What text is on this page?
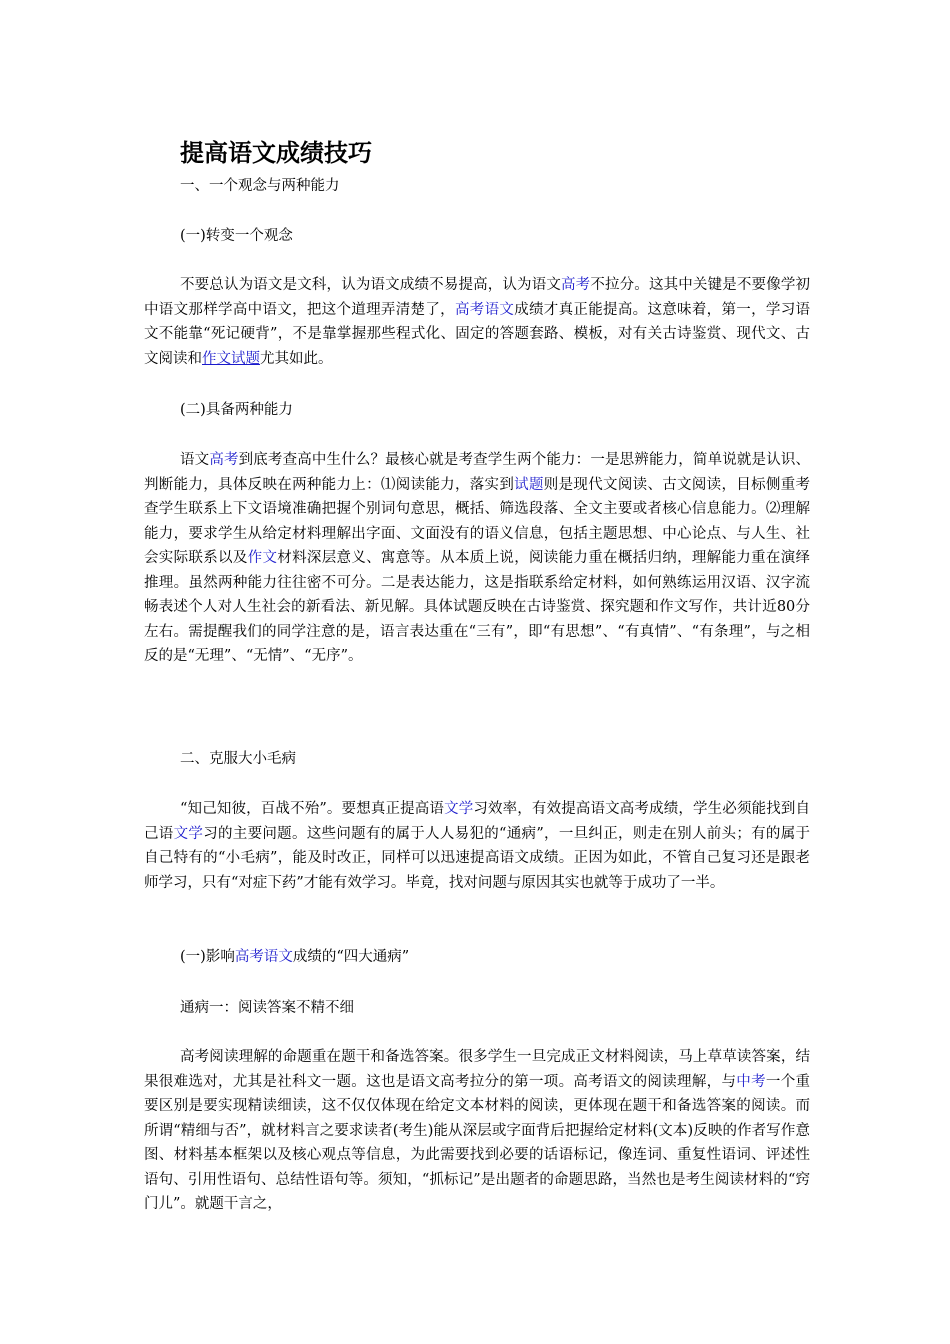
提高语文成绩技巧
一、一个观念与两种能力
(一)转变一个观念
不要总认为语文是文科，认为语文成绩不易提高，认为语文高考不拉分。这其中关键是不要像学初中语文那样学高中语文，把这个道理弄清楚了，高考语文成绩才真正能提高。这意味着，第一，学习语文不能靠“死记硬背”，不是靠掌握那些程式化、固定的答题套路、模板，对有关古诗鉴赏、现代文、古文阅读和作文试题尤其如此。
(二)具备两种能力
语文高考到底考查高中生什么？最核心就是考查学生两个能力：一是思辨能力，简单说就是认识、判断能力，具体反映在两种能力上：⑴阅读能力，落实到试题则是现代文阅读、古文阅读，目标侧重考查学生联系上下文语境准确把握个别词句意思，概括、筛选段落、全文主要或者核心信息能力。⑵理解能力，要求学生从给定材料理解出字面、文面没有的语义信息，包括主题思想、中心论点、与人生、社会实际联系以及作文材料深层意义、寓意等。从本质上说，阅读能力重在概括归纳，理解能力重在演绎推理。虽然两种能力往往密不可分。二是表达能力，这是指联系给定材料，如何熟练运用汉语、汉字流畅表述个人对人生社会的新看法、新见解。具体试题反映在古诗鉴赏、探究题和作文写作，共计近80分左右。需提醒我们的同学注意的是，语言表达重在“三有”，即“有思想”、“有真情”、“有条理”，与之相反的是“无理”、“无情”、“无序”。
二、克服大小毛病
“知己知彼，百战不殆”。要想真正提高语文学习效率，有效提高语文高考成绩，学生必须能找到自己语文学习的主要问题。这些问题有的属于人人易犯的“通病”，一旦纠正，则走在别人前头；有的属于自己特有的“小毛病”，能及时改正，同样可以迅速提高语文成绩。正因为如此，不管自己复习还是跟老师学习，只有“对症下药”才能有效学习。毕竟，找对问题与原因其实也就等于成功了一半。
(一)影响高考语文成绩的“四大通病”
通病一：阅读答案不精不细
高考阅读理解的命题重在题干和备选答案。很多学生一旦完成正文材料阅读，马上草草读答案，结果很难选对，尤其是社科文一题。这也是语文高考拉分的第一项。高考语文的阅读理解，与中考一个重要区别是要实现精读细读，这不仅仅体现在给定文本材料的阅读，更体现在题干和备选答案的阅读。而所谓“精细与否”，就材料言之要求读者(考生)能从深层或字面背后把握给定材料(文本)反映的作者写作意图、材料基本框架以及核心观点等信息，为此需要找到必要的话语标记，像连词、重复性语词、评述性语句、引用性语句、总结性语句等。须知，“抓标记”是出题者的命题思路，当然也是考生阅读材料的“窍门儿”。就题干言之，
